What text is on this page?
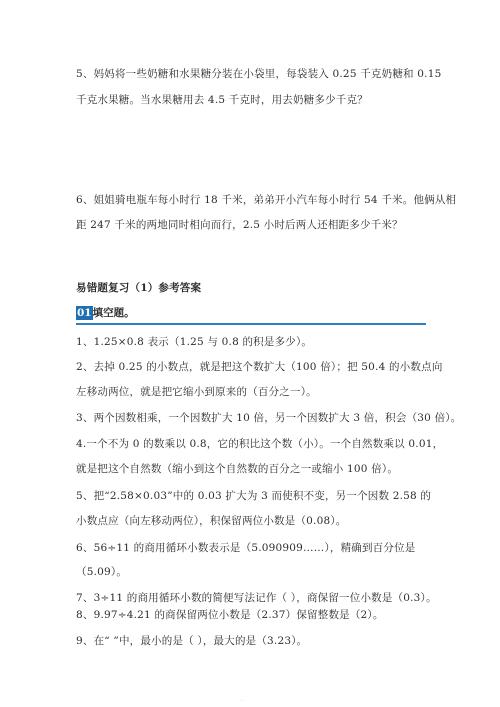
5、妈妈将一些奶糖和水果糖分装在小袋里，每袋装入 0.25 千克奶糖和 0.15
千克水果糖。当水果糖用去 4.5 千克时，用去奶糖多少千克？
6、姐姐骑电瓶车每小时行 18 千米，弟弟开小汽车每小时行 54 千米。他俩从相
距 247 千米的两地同时相向而行，2.5 小时后两人还相距多少千米？
易错题复习（1）参考答案
01填空题。
1、1.25×0.8 表示（1.25 与 0.8 的积是多少）。
2、去掉 0.25 的小数点，就是把这个数扩大（100 倍）；把 50.4 的小数点向
左移动两位，就是把它缩小到原来的（百分之一）。
3、两个因数相乘，一个因数扩大 10 倍，另一个因数扩大 3 倍，积会（30 倍）。
4.一个不为 0 的数乘以 0.8，它的积比这个数（小）。一个自然数乘以 0.01，
就是把这个自然数（缩小到这个自然数的百分之一或缩小 100 倍）。
5、把“2.58×0.03”中的 0.03 扩大为 3 而使积不变，另一个因数 2.58 的
小数点应（向左移动两位），积保留两位小数是（0.08）。
6、56÷11 的商用循环小数表示是（5.090909……），精确到百分位是
（5.09）。
7、3÷11 的商用循环小数的简便写法记作（ ），商保留一位小数是（0.3）。
8、9.97÷4.21 的商保留两位小数是（2.37）保留整数是（2）。
9、在“ ”中，最小的是（ ），最大的是（3.23）。
··
